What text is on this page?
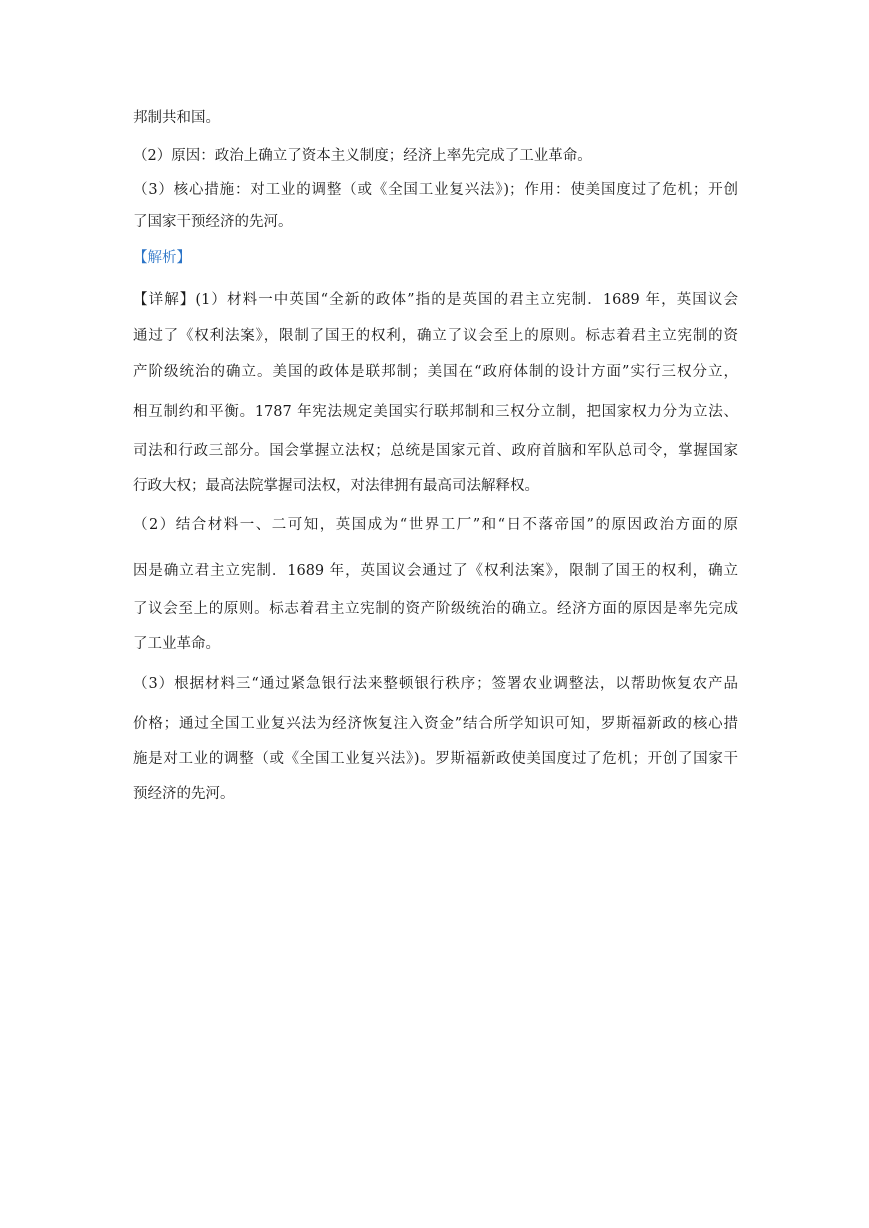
邦制共和国。
（2）原因：政治上确立了资本主义制度；经济上率先完成了工业革命。
（3）核心措施：对工业的调整（或《全国工业复兴法》)；作用：使美国度过了危机；开创
了国家干预经济的先河。
【解析】
【详解】(1）材料一中英国“全新的政体”指的是英国的君主立宪制．1689 年，英国议会
通过了《权利法案》，限制了国王的权利，确立了议会至上的原则。标志着君主立宪制的资
产阶级统治的确立。美国的政体是联邦制；美国在“政府体制的设计方面”实行三权分立，
相互制约和平衡。1787 年宪法规定美国实行联邦制和三权分立制，把国家权力分为立法、
司法和行政三部分。国会掌握立法权；总统是国家元首、政府首脑和军队总司令，掌握国家
行政大权；最高法院掌握司法权，对法律拥有最高司法解释权。
（2）结合材料一、二可知，英国成为“世界工厂”和“日不落帝国”的原因政治方面的原
因是确立君主立宪制．1689 年，英国议会通过了《权利法案》，限制了国王的权利，确立
了议会至上的原则。标志着君主立宪制的资产阶级统治的确立。经济方面的原因是率先完成
了工业革命。
（3）根据材料三“通过紧急银行法来整顿银行秩序；签署农业调整法，以帮助恢复农产品
价格；通过全国工业复兴法为经济恢复注入资金”结合所学知识可知，罗斯福新政的核心措
施是对工业的调整（或《全国工业复兴法》)。罗斯福新政使美国度过了危机；开创了国家干
预经济的先河。
